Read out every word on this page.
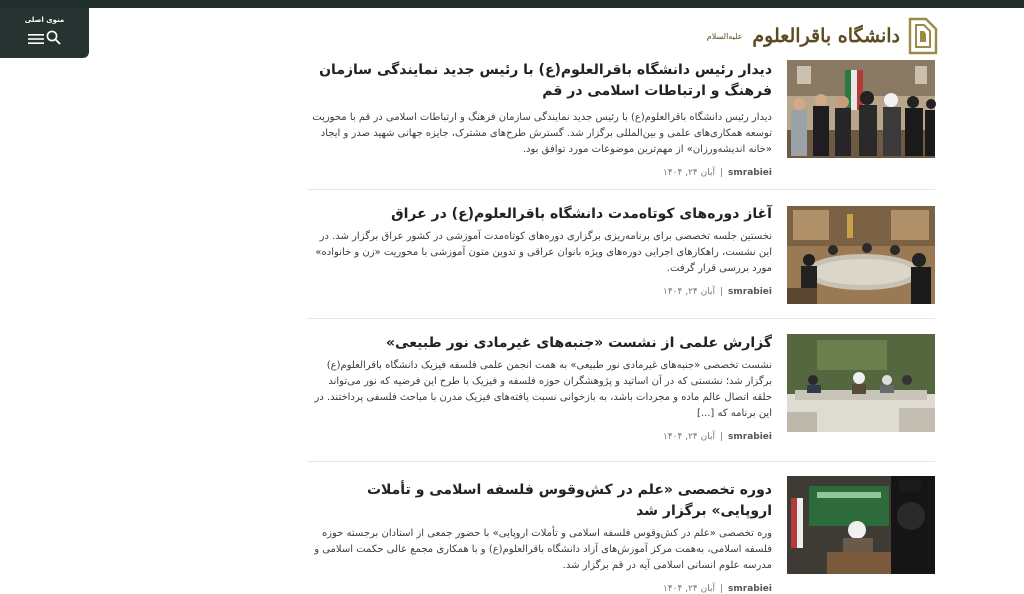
منوی اصلی
دانشگاه باقرالعلوم
علیه‌السلام
دیدار رئیس دانشگاه باقرالعلوم(ع) با رئیس جدید نمایندگی سازمان فرهنگ و ارتباطات اسلامی در قم

دیدار رئیس دانشگاه باقرالعلوم(ع) با رئیس جدید نمایندگی سازمان فرهنگ و ارتباطات اسلامی در قم با محوریت توسعه همکاری‌های علمی و بین‌المللی برگزار شد. گسترش طرح‌های مشترک، جایزه جهانی شهید صدر و ایجاد «خانه اندیشه‌ورزان» از مهم‌ترین موضوعات مورد توافق بود.

smrabiei
|
آبان ۲۴, ۱۴۰۴
آغاز دوره‌های کوتاه‌مدت دانشگاه باقرالعلوم(ع) در عراق

نخستین جلسه تخصصی برای برنامه‌ریزی برگزاری دوره‌های کوتاه‌مدت آموزشی در کشور عراق برگزار شد. در این نشست، راهکارهای اجرایی دوره‌های ویژه بانوان عراقی و تدوین متون آموزشی با محوریت «زن و خانواده» مورد بررسی قرار گرفت.

smrabiei
|
آبان ۲۴, ۱۴۰۴
گزارش علمی از نشست «جنبه‌های غیرمادی نور طبیعی»

نشست تخصصی «جنبه‌های غیرمادی نور طبیعی» به همت انجمن علمی فلسفه فیزیک دانشگاه باقرالعلوم(ع) برگزار شد؛ نشستی که در آن اساتید و پژوهشگران حوزه فلسفه و فیزیک با طرح این فرضیه که نور می‌تواند حلقه اتصال عالم ماده و مجردات باشد، به بازخوانی نسبت یافته‌های فیزیک مدرن با مباحث فلسفی پرداختند. در این برنامه که [...]

smrabiei
|
آبان ۲۴, ۱۴۰۴
دوره تخصصی «علم در کش‌وقوس فلسفه اسلامی و تأملات اروپایی» برگزار شد

وره تخصصی «علم در کش‌وقوس فلسفه اسلامی و تأملات اروپایی» با حضور جمعی از استادان برجسته حوزه فلسفه اسلامی، به‌همت مرکز آموزش‌های آزاد دانشگاه باقرالعلوم(ع) و با همکاری مجمع عالی حکمت اسلامی و مدرسه علوم انسانی اسلامی آیه در قم برگزار شد.

smrabiei
|
آبان ۲۴, ۱۴۰۴
